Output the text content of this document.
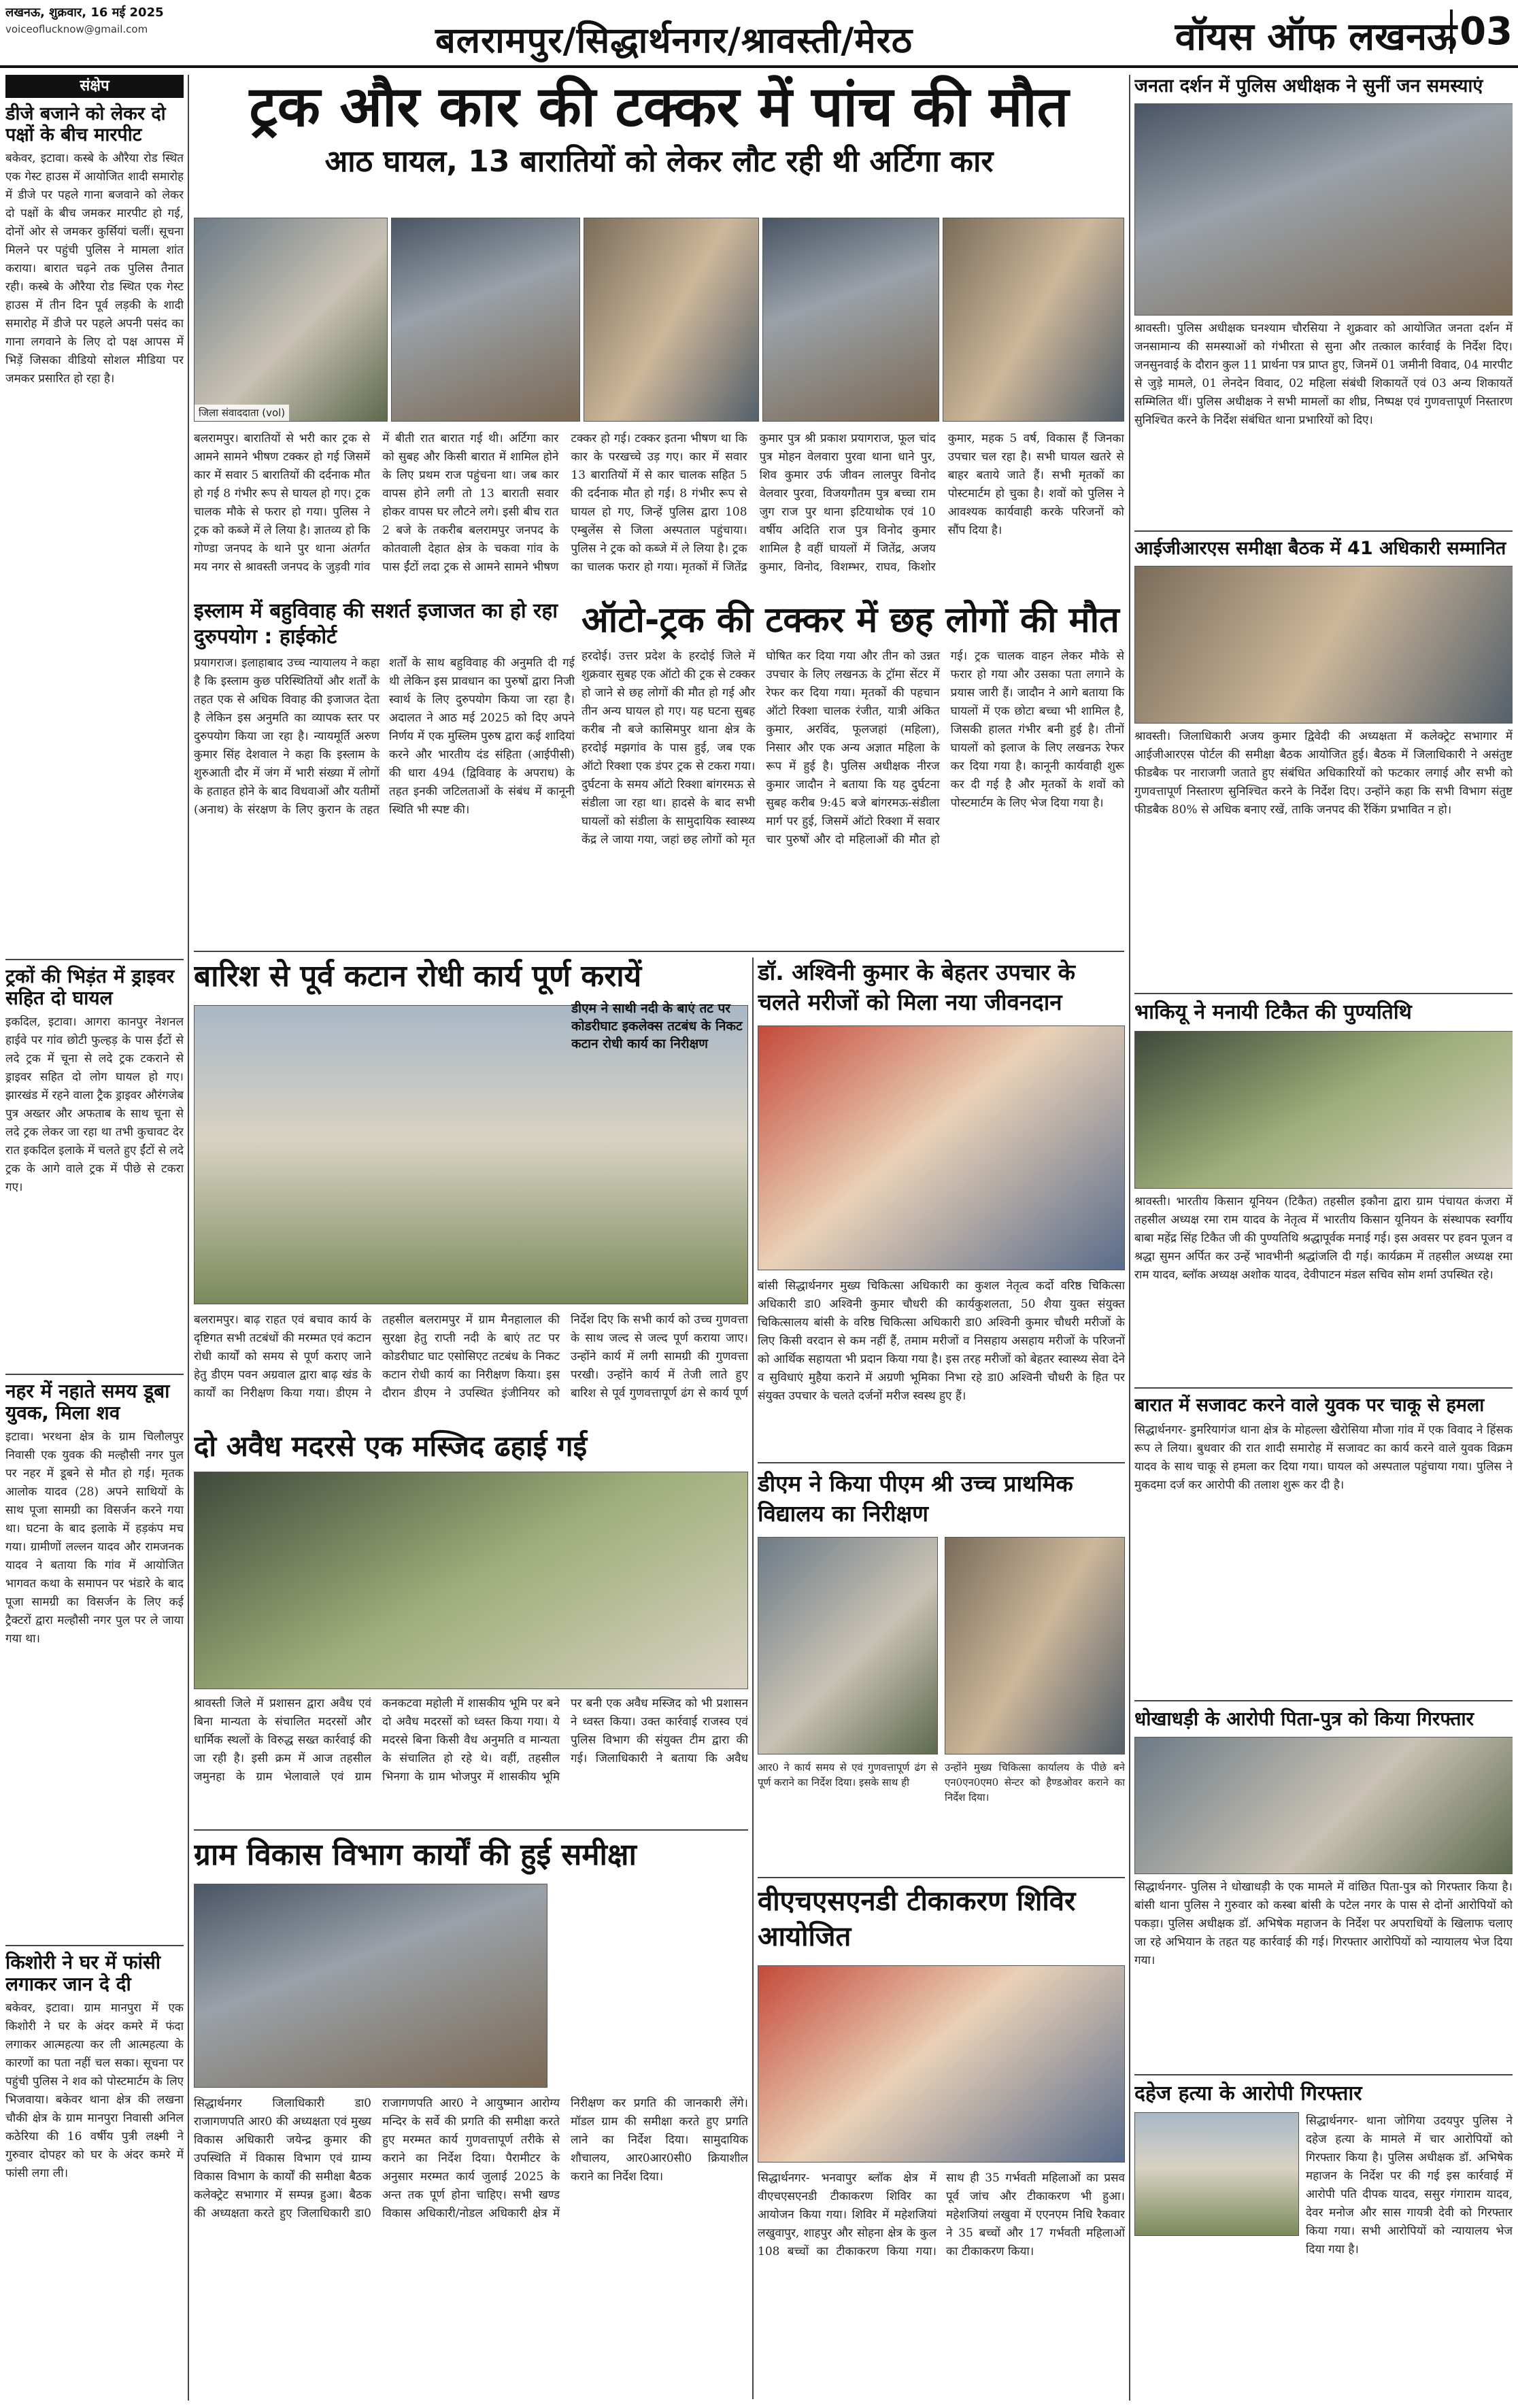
लखनऊ, शुक्रवार, 16 मई 2025
voiceoflucknow@gmail.com	बलरामपुर/सिद्धार्थनगर/श्रावस्ती/मेरठ	वॉयस ऑफ लखनऊ 03
संक्षेप
डीजे बजाने को लेकर दो पक्षों के बीच मारपीट
बकेवर, इटावा। कस्बे के औरैया रोड स्थित एक गेस्ट हाउस में आयोजित शादी समारोह में डीजे पर पहले गाना बजवाने को लेकर दो पक्षों के बीच जमकर मारपीट हो गई, दोनों ओर से जमकर कुर्सियां चलीं। सूचना मिलने पर पहुंची पुलिस ने मामला शांत कराया। बारात चढ़ने तक पुलिस तैनात रही। कस्बे के औरैया रोड स्थित एक गेस्ट हाउस में तीन दिन पूर्व लड़की के शादी समारोह में डीजे पर पहले अपनी पसंद का गाना लगवाने के लिए दो पक्ष आपस में भिड़ें जिसका वीडियो सोशल मीडिया पर जमकर प्रसारित हो रहा है।
ट्रकों की भिड़ंत में ड्राइवर सहित दो घायल
इकदिल, इटावा। आगरा कानपुर नेशनल हाईवे पर गांव छोटी फुल्हड़ के पास ईंटों से लदे ट्रक में चूना से लदे ट्रक टकराने से ड्राइवर सहित दो लोग घायल हो गए। झारखंड में रहने वाला ट्रैक ड्राइवर औरंगजेब पुत्र अख्तर और अफताब के साथ चूना से लदे ट्रक लेकर जा रहा था तभी कुचावट देर रात इकदिल इलाके में चलते हुए ईंटों से लदे ट्रक के आगे वाले ट्रक में पीछे से टकरा गए।
नहर में नहाते समय डूबा युवक, मिला शव
इटावा। भरथना क्षेत्र के ग्राम चिलौलपुर निवासी एक युवक की मल्हौसी नगर पुल पर नहर में डूबने से मौत हो गई। मृतक आलोक यादव (28) अपने साथियों के साथ पूजा सामग्री का विसर्जन करने गया था। घटना के बाद इलाके में हड़कंप मच गया। ग्रामीणों लल्लन यादव और रामजनक यादव ने बताया कि गांव में आयोजित भागवत कथा के समापन पर भंडारे के बाद पूजा सामग्री का विसर्जन के लिए कई ट्रैक्टरों द्वारा मल्हौसी नगर पुल पर ले जाया गया था।
किशोरी ने घर में फांसी लगाकर जान दे दी
बकेवर, इटावा। ग्राम मानपुरा में एक किशोरी ने घर के अंदर कमरे में फंदा लगाकर आत्महत्या कर ली आत्महत्या के कारणों का पता नहीं चल सका। सूचना पर पहुंची पुलिस ने शव को पोस्टमार्टम के लिए भिजवाया। बकेवर थाना क्षेत्र की लखना चौकी क्षेत्र के ग्राम मानपुरा निवासी अनिल कठेरिया की 16 वर्षीय पुत्री लक्ष्मी ने गुरुवार दोपहर को घर के अंदर कमरे में फांसी लगा ली।
ट्रक और कार की टक्कर में पांच की मौत
आठ घायल, 13 बारातियों को लेकर लौट रही थी अर्टिगा कार
जिला संवाददाता (vol)
बलरामपुर। बारातियों से भरी कार ट्रक से आमने सामने भीषण टक्कर हो गई जिसमें कार में सवार 5 बारातियों की दर्दनाक मौत हो गई 8 गंभीर रूप से घायल हो गए। ट्रक चालक मौके से फरार हो गया। पुलिस ने ट्रक को कब्जे में ले लिया है। ज्ञातव्य हो कि गोण्डा जनपद के थाने पुर थाना अंतर्गत मय नगर से श्रावस्ती जनपद के जुड़वी गांव में बीती रात बारात गई थी। अर्टिगा कार को सुबह और किसी बारात में शामिल होने के लिए प्रथम राज पहुंचना था। जब कार वापस होने लगी तो 13 बाराती सवार होकर वापस घर लौटने लगे। इसी बीच रात 2 बजे के तकरीब बलरामपुर जनपद के कोतवाली देहात क्षेत्र के चकवा गांव के पास ईंटों लदा ट्रक से आमने सामने भीषण टक्कर हो गई। टक्कर इतना भीषण था कि कार के परखच्चे उड़ गए। कार में सवार 13 बारातियों में से कार चालक सहित 5 की दर्दनाक मौत हो गई। 8 गंभीर रूप से घायल हो गए, जिन्हें पुलिस द्वारा 108 एम्बुलेंस से जिला अस्पताल पहुंचाया। पुलिस ने ट्रक को कब्जे में ले लिया है। ट्रक का चालक फरार हो गया। मृतकों में जितेंद्र कुमार पुत्र श्री प्रकाश प्रयागराज, फूल चांद पुत्र मोहन वेलवारा पुरवा थाना धाने पुर, शिव कुमार उर्फ जीवन लालपुर विनोद वेलवार पुरवा, विजयगौतम पुत्र बच्चा राम जुग राज पुर थाना इटियाथोक एवं 10 वर्षीय अदिति राज पुत्र विनोद कुमार शामिल है वहीं घायलों में जितेंद्र, अजय कुमार, विनोद, विशम्भर, राघव, किशोर कुमार, महक 5 वर्ष, विकास हैं जिनका उपचार चल रहा है। सभी घायल खतरे से बाहर बताये जाते हैं। सभी मृतकों का पोस्टमार्टम हो चुका है। शवों को पुलिस ने आवश्यक कार्यवाही करके परिजनों को सौंप दिया है।
इस्लाम में बहुविवाह की सशर्त इजाजत का हो रहा दुरुपयोग : हाईकोर्ट
प्रयागराज। इलाहाबाद उच्च न्यायालय ने कहा है कि इस्लाम कुछ परिस्थितियों और शर्तों के तहत एक से अधिक विवाह की इजाजत देता है लेकिन इस अनुमति का व्यापक स्तर पर दुरुपयोग किया जा रहा है। न्यायमूर्ति अरुण कुमार सिंह देशवाल ने कहा कि इस्लाम के शुरुआती दौर में जंग में भारी संख्या में लोगों के हताहत होने के बाद विधवाओं और यतीमों (अनाथ) के संरक्षण के लिए कुरान के तहत शर्तों के साथ बहुविवाह की अनुमति दी गई थी लेकिन इस प्रावधान का पुरुषों द्वारा निजी स्वार्थ के लिए दुरुपयोग किया जा रहा है। अदालत ने आठ मई 2025 को दिए अपने निर्णय में एक मुस्लिम पुरुष द्वारा कई शादियां करने और भारतीय दंड संहिता (आईपीसी) की धारा 494 (द्विविवाह के अपराध) के तहत इनकी जटिलताओं के संबंध में कानूनी स्थिति भी स्पष्ट की।
ऑटो-ट्रक की टक्कर में छह लोगों की मौत
हरदोई। उत्तर प्रदेश के हरदोई जिले में शुक्रवार सुबह एक ऑटो की ट्रक से टक्कर हो जाने से छह लोगों की मौत हो गई और तीन अन्य घायल हो गए। यह घटना सुबह करीब नौ बजे कासिमपुर थाना क्षेत्र के हरदोई मझगांव के पास हुई, जब एक ऑटो रिक्शा एक डंपर ट्रक से टकरा गया। दुर्घटना के समय ऑटो रिक्शा बांगरमऊ से संडीला जा रहा था। हादसे के बाद सभी घायलों को संडीला के सामुदायिक स्वास्थ्य केंद्र ले जाया गया, जहां छह लोगों को मृत घोषित कर दिया गया और तीन को उन्नत उपचार के लिए लखनऊ के ट्रॉमा सेंटर में रेफर कर दिया गया। मृतकों की पहचान ऑटो रिक्शा चालक रंजीत, यात्री अंकित कुमार, अरविंद, फूलजहां (महिला), निसार और एक अन्य अज्ञात महिला के रूप में हुई है। पुलिस अधीक्षक नीरज कुमार जादौन ने बताया कि यह दुर्घटना सुबह करीब 9:45 बजे बांगरमऊ-संडीला मार्ग पर हुई, जिसमें ऑटो रिक्शा में सवार चार पुरुषों और दो महिलाओं की मौत हो गई। ट्रक चालक वाहन लेकर मौके से फरार हो गया और उसका पता लगाने के प्रयास जारी हैं। जादौन ने आगे बताया कि घायलों में एक छोटा बच्चा भी शामिल है, जिसकी हालत गंभीर बनी हुई है। तीनों घायलों को इलाज के लिए लखनऊ रेफर कर दिया गया है। कानूनी कार्यवाही शुरू कर दी गई है और मृतकों के शवों को पोस्टमार्टम के लिए भेज दिया गया है।
बारिश से पूर्व कटान रोधी कार्य पूर्ण करायें
बलरामपुर। बाढ़ राहत एवं बचाव कार्य के दृष्टिगत सभी तटबंधों की मरम्मत एवं कटान रोधी कार्यों को समय से पूर्ण कराए जाने हेतु डीएम पवन अग्रवाल द्वारा बाढ़ खंड के कार्यों का निरीक्षण किया गया। डीएम ने तहसील बलरामपुर में ग्राम मैनहालाल की सुरक्षा हेतु राप्ती नदी के बाएं तट पर कोडरीघाट घाट एसोसिएट तटबंध के निकट कटान रोधी कार्य का निरीक्षण किया। इस दौरान डीएम ने उपस्थित इंजीनियर को निर्देश दिए कि सभी कार्य को उच्च गुणवत्ता के साथ जल्द से जल्द पूर्ण कराया जाए। उन्होंने कार्य में लगी सामग्री की गुणवत्ता परखी। उन्होंने कार्य में तेजी लाते हुए बारिश से पूर्व गुणवत्तापूर्ण ढंग से कार्य पूर्ण
डीएम ने साथी नदी के बाएं तट पर कोडरीघाट इकलेक्स तटबंध के निकट कटान रोधी कार्य का निरीक्षण
दो अवैध मदरसे एक मस्जिद ढहाई गई
श्रावस्ती जिले में प्रशासन द्वारा अवैध एवं बिना मान्यता के संचालित मदरसों और धार्मिक स्थलों के विरुद्ध सख्त कार्रवाई की जा रही है। इसी क्रम में आज तहसील जमुनहा के ग्राम भेलावाले एवं ग्राम कनकटवा महोली में शासकीय भूमि पर बने दो अवैध मदरसों को ध्वस्त किया गया। ये मदरसे बिना किसी वैध अनुमति व मान्यता के संचालित हो रहे थे। वहीं, तहसील भिनगा के ग्राम भोजपुर में शासकीय भूमि पर बनी एक अवैध मस्जिद को भी प्रशासन ने ध्वस्त किया। उक्त कार्रवाई राजस्व एवं पुलिस विभाग की संयुक्त टीम द्वारा की गई। जिलाधिकारी ने बताया कि अवैध
ग्राम विकास विभाग कार्यों की हुई समीक्षा
सिद्धार्थनगर जिलाधिकारी डा0 राजागणपति आर0 की अध्यक्षता एवं मुख्य विकास अधिकारी जयेन्द्र कुमार की उपस्थिति में विकास विभाग एवं ग्राम्य विकास विभाग के कार्यों की समीक्षा बैठक कलेक्ट्रेट सभागार में सम्पन्न हुआ। बैठक की अध्यक्षता करते हुए जिलाधिकारी डा0 राजागणपति आर0 ने आयुष्मान आरोग्य मन्दिर के सर्वे की प्रगति की समीक्षा करते हुए मरम्मत कार्य गुणवत्तापूर्ण तरीके से कराने का निर्देश दिया। पैरामीटर के अनुसार मरम्मत कार्य जुलाई 2025 के अन्त तक पूर्ण होना चाहिए। सभी खण्ड विकास अधिकारी/नोडल अधिकारी क्षेत्र में निरीक्षण कर प्रगति की जानकारी लेंगे। मॉडल ग्राम की समीक्षा करते हुए प्रगति लाने का निर्देश दिया। सामुदायिक शौचालय, आर0आर0सी0 क्रियाशील कराने का निर्देश दिया।
डॉ. अश्विनी कुमार के बेहतर उपचार के चलते मरीजों को मिला नया जीवनदान
बांसी सिद्धार्थनगर मुख्य चिकित्सा अधिकारी का कुशल नेतृत्व कर्दो वरिष्ठ चिकित्सा अधिकारी डा0 अश्विनी कुमार चौधरी की कार्यकुशलता, 50 शैया युक्त संयुक्त चिकित्सालय बांसी के वरिष्ठ चिकित्सा अधिकारी डा0 अश्विनी कुमार चौधरी मरीजों के लिए किसी वरदान से कम नहीं हैं, तमाम मरीजों व निसहाय असहाय मरीजों के परिजनों को आर्थिक सहायता भी प्रदान किया गया है। इस तरह मरीजों को बेहतर स्वास्थ्य सेवा देने व सुविधाएं मुहैया कराने में अग्रणी भूमिका निभा रहे डा0 अश्विनी चौधरी के हित पर संयुक्त उपचार के चलते दर्जनों मरीज स्वस्थ हुए हैं।
डीएम ने किया पीएम श्री उच्च प्राथमिक विद्यालय का निरीक्षण
आर0 ने कार्य समय से एवं गुणवत्तापूर्ण ढंग से पूर्ण कराने का निर्देश दिया। इसके साथ ही
उन्होंने मुख्य चिकित्सा कार्यालय के पीछे बने एन0एन0एम0 सेन्टर को हैण्डओवर कराने का निर्देश दिया।
वीएचएसएनडी टीकाकरण शिविर आयोजित
सिद्धार्थनगर- भनवापुर ब्लॉक क्षेत्र में वीएचएसएनडी टीकाकरण शिविर का आयोजन किया गया। शिविर में महेशजियां लखुवापुर, शाहपुर और सोहना क्षेत्र के कुल 108 बच्चों का टीकाकरण किया गया। साथ ही 35 गर्भवती महिलाओं का प्रसव पूर्व जांच और टीकाकरण भी हुआ। महेशजियां लखुवा में एएनएम निधि रैकवार ने 35 बच्चों और 17 गर्भवती महिलाओं का टीकाकरण किया।
जनता दर्शन में पुलिस अधीक्षक ने सुनीं जन समस्याएं
श्रावस्ती। पुलिस अधीक्षक घनश्याम चौरसिया ने शुक्रवार को आयोजित जनता दर्शन में जनसामान्य की समस्याओं को गंभीरता से सुना और तत्काल कार्रवाई के निर्देश दिए। जनसुनवाई के दौरान कुल 11 प्रार्थना पत्र प्राप्त हुए, जिनमें 01 जमीनी विवाद, 04 मारपीट से जुड़े मामले, 01 लेनदेन विवाद, 02 महिला संबंधी शिकायतें एवं 03 अन्य शिकायतें सम्मिलित थीं। पुलिस अधीक्षक ने सभी मामलों का शीघ्र, निष्पक्ष एवं गुणवत्तापूर्ण निस्तारण सुनिश्चित करने के निर्देश संबंधित थाना प्रभारियों को दिए।
आईजीआरएस समीक्षा बैठक में 41 अधिकारी सम्मानित
श्रावस्ती। जिलाधिकारी अजय कुमार द्विवेदी की अध्यक्षता में कलेक्ट्रेट सभागार में आईजीआरएस पोर्टल की समीक्षा बैठक आयोजित हुई। बैठक में जिलाधिकारी ने असंतुष्ट फीडबैक पर नाराजगी जताते हुए संबंधित अधिकारियों को फटकार लगाई और सभी को गुणवत्तापूर्ण निस्तारण सुनिश्चित करने के निर्देश दिए। उन्होंने कहा कि सभी विभाग संतुष्ट फीडबैक 80% से अधिक बनाए रखें, ताकि जनपद की रैंकिंग प्रभावित न हो।
भाकियू ने मनायी टिकैत की पुण्यतिथि
श्रावस्ती। भारतीय किसान यूनियन (टिकैत) तहसील इकौना द्वारा ग्राम पंचायत कंजरा में तहसील अध्यक्ष रमा राम यादव के नेतृत्व में भारतीय किसान यूनियन के संस्थापक स्वर्गीय बाबा महेंद्र सिंह टिकैत जी की पुण्यतिथि श्रद्धापूर्वक मनाई गई। इस अवसर पर हवन पूजन व श्रद्धा सुमन अर्पित कर उन्हें भावभीनी श्रद्धांजलि दी गई। कार्यक्रम में तहसील अध्यक्ष रमा राम यादव, ब्लॉक अध्यक्ष अशोक यादव, देवीपाटन मंडल सचिव सोम शर्मा उपस्थित रहे।
बारात में सजावट करने वाले युवक पर चाकू से हमला
सिद्धार्थनगर- डुमरियागंज थाना क्षेत्र के मोहल्ला खैरोसिया मौजा गांव में एक विवाद ने हिंसक रूप ले लिया। बुधवार की रात शादी समारोह में सजावट का कार्य करने वाले युवक विक्रम यादव के साथ चाकू से हमला कर दिया गया। घायल को अस्पताल पहुंचाया गया। पुलिस ने मुकदमा दर्ज कर आरोपी की तलाश शुरू कर दी है।
धोखाधड़ी के आरोपी पिता-पुत्र को किया गिरफ्तार
सिद्धार्थनगर- पुलिस ने धोखाधड़ी के एक मामले में वांछित पिता-पुत्र को गिरफ्तार किया है। बांसी थाना पुलिस ने गुरुवार को कस्बा बांसी के पटेल नगर के पास से दोनों आरोपियों को पकड़ा। पुलिस अधीक्षक डॉ. अभिषेक महाजन के निर्देश पर अपराधियों के खिलाफ चलाए जा रहे अभियान के तहत यह कार्रवाई की गई। गिरफ्तार आरोपियों को न्यायालय भेज दिया गया।
दहेज हत्या के आरोपी गिरफ्तार
सिद्धार्थनगर- थाना जोगिया उदयपुर पुलिस ने दहेज हत्या के मामले में चार आरोपियों को गिरफ्तार किया है। पुलिस अधीक्षक डॉ. अभिषेक महाजन के निर्देश पर की गई इस कार्रवाई में आरोपी पति दीपक यादव, ससुर गंगाराम यादव, देवर मनोज और सास गायत्री देवी को गिरफ्तार किया गया। सभी आरोपियों को न्यायालय भेज दिया गया है।
